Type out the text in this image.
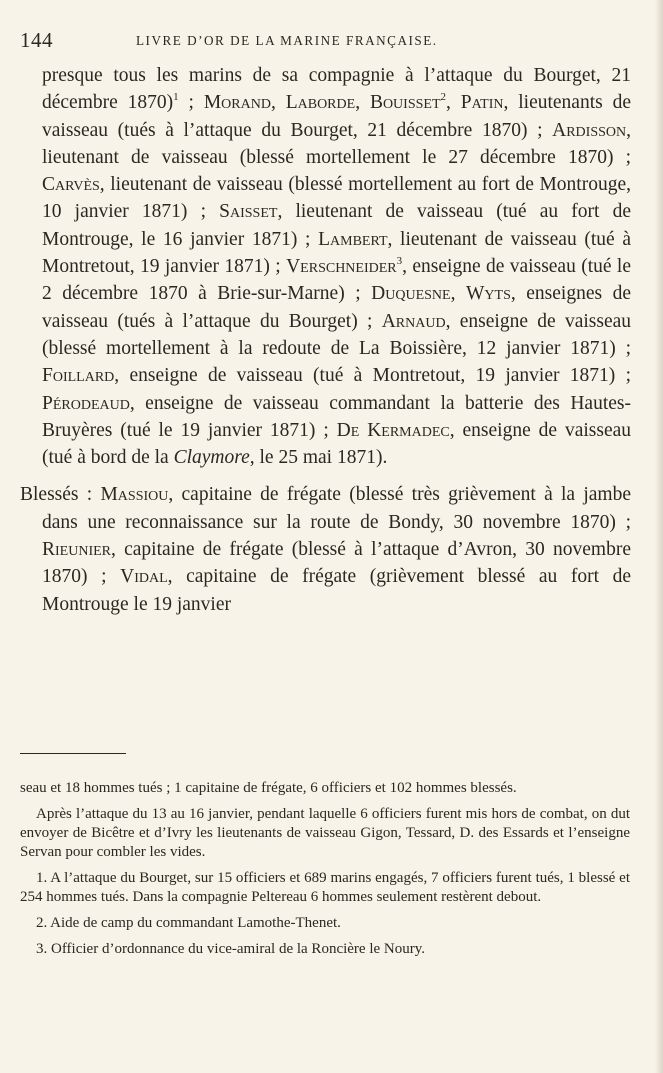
144	LIVRE D’OR DE LA MARINE FRANÇAISE.

presque tous les marins de sa compagnie à l’attaque du Bourget, 21 décembre 1870)$^1$ ; Morand, Laborde, Bouisset$^2$, Patin, lieutenants de vaisseau (tués à l’attaque du Bourget, 21 décembre 1870) ; Ardisson, lieutenant de vaisseau (blessé mortellement le 27 décembre 1870) ; Carvès, lieutenant de vaisseau (blessé mortellement au fort de Montrouge, 10 janvier 1871) ; Saisset, lieutenant de vaisseau (tué au fort de Montrouge, le 16 janvier 1871) ; Lambert, lieutenant de vaisseau (tué à Montretout, 19 janvier 1871) ; Verschneider$^3$, enseigne de vaisseau (tué le 2 décembre 1870 à Brie-sur-Marne) ; Duquesne, Wyts, enseignes de vaisseau (tués à l’attaque du Bourget) ; Arnaud, enseigne de vaisseau (blessé mortellement à la redoute de La Boissière, 12 janvier 1871) ; Foillard, enseigne de vaisseau (tué à Montretout, 19 janvier 1871) ; Pérodeaud, enseigne de vaisseau commandant la batterie des Hautes-Bruyères (tué le 19 janvier 1871) ; De Kermadec, enseigne de vaisseau (tué à bord de la Claymore, le 25 mai 1871).

Blessés : Massiou, capitaine de frégate (blessé très grièvement à la jambe dans une reconnaissance sur la route de Bondy, 30 novembre 1870) ; Rieunier, capitaine de frégate (blessé à l’attaque d’Avron, 30 novembre 1870) ; Vidal, capitaine de frégate (grièvement blessé au fort de Montrouge le 19 janvier

seau et 18 hommes tués ; 1 capitaine de frégate, 6 officiers et 102 hommes blessés.

Après l’attaque du 13 au 16 janvier, pendant laquelle 6 officiers furent mis hors de combat, on dut envoyer de Bicêtre et d’Ivry les lieutenants de vaisseau Gigon, Tessard, D. des Essards et l’enseigne Servan pour combler les vides.

1. A l’attaque du Bourget, sur 15 officiers et 689 marins engagés, 7 officiers furent tués, 1 blessé et 254 hommes tués. Dans la compagnie Peltereau 6 hommes seulement restèrent debout.

2. Aide de camp du commandant Lamothe-Thenet.

3. Officier d’ordonnance du vice-amiral de la Roncière le Noury.
